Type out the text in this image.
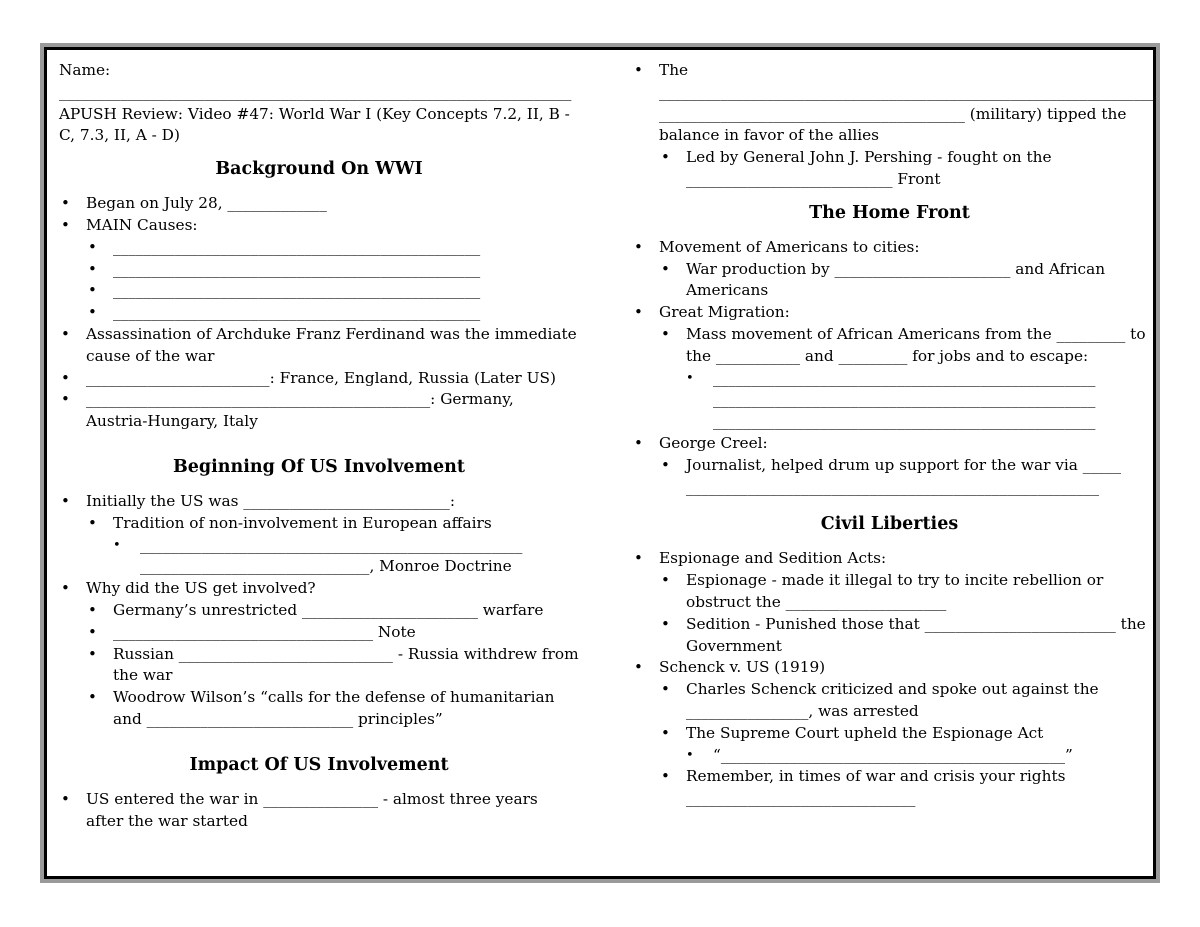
Name: ___________________________________________________________________
APUSH Review: Video #47: World War I (Key Concepts 7.2, II, B - C, 7.3, II, A - D)
Background On WWI
• Began on July 28, _____________
• MAIN Causes:
• ________________________________________________
• ________________________________________________
• ________________________________________________
• ________________________________________________
• Assassination of Archduke Franz Ferdinand was the immediate cause of the war
• ________________________: France, England, Russia (Later US)
• _____________________________________________: Germany, Austria-Hungary, Italy
Beginning Of US Involvement
• Initially the US was ___________________________:
• Tradition of non-involvement in European affairs
• __________________________________________________
______________________________, Monroe Doctrine
• Why did the US get involved?
• Germany’s unrestricted _______________________ warfare
• __________________________________ Note
• Russian ____________________________ - Russia withdrew from the war
• Woodrow Wilson’s “calls for the defense of humanitarian and ___________________________ principles”
Impact Of US Involvement
• US entered the war in _______________ - almost three years after the war started
• The _________________________________________________________________ ________________________________________ (military) tipped the balance in favor of the allies
• Led by General John J. Pershing - fought on the ___________________________ Front
The Home Front
• Movement of Americans to cities:
• War production by _______________________ and African Americans
• Great Migration:
• Mass movement of African Americans from the _________ to the ___________ and _________ for jobs and to escape:
• __________________________________________________
__________________________________________________
__________________________________________________
• George Creel:
• Journalist, helped drum up support for the war via _____ ______________________________________________________
Civil Liberties
• Espionage and Sedition Acts:
• Espionage - made it illegal to try to incite rebellion or obstruct the _____________________
• Sedition - Punished those that _________________________ the Government
• Schenck v. US (1919)
• Charles Schenck criticized and spoke out against the ________________, was arrested
• The Supreme Court upheld the Espionage Act
• “_____________________________________________”
• Remember, in times of war and crisis your rights ______________________________
